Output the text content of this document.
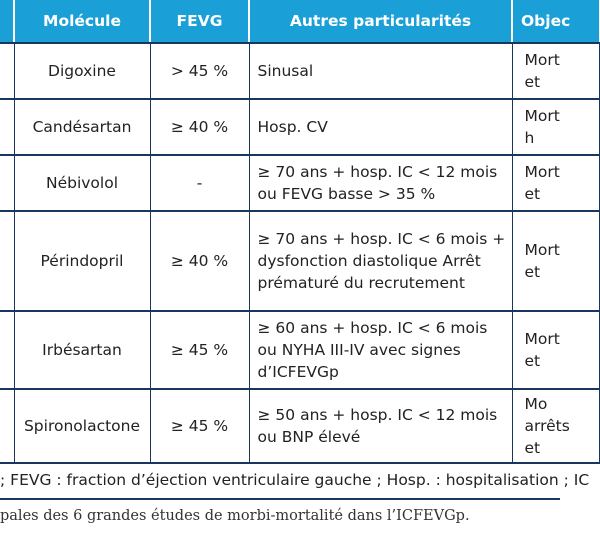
	Molécule	FEVG	Autres particularités	Objec
	Digoxine	> 45 %	Sinusal	Mort
et

	Candésartan	≥ 40 %	Hosp. CV	Mort
h

	Nébivolol	-	≥ 70 ans + hosp. IC < 12 mois ou FEVG basse > 35 %	Mort
et

	Périndopril	≥ 40 %	≥ 70 ans + hosp. IC < 6 mois + dysfonction diastolique Arrêt prématuré du recrutement	Mort
et

	Irbésartan	≥ 45 %	≥ 60 ans + hosp. IC < 6 mois ou NYHA III-IV avec signes d’ICFEVGp	Mort
et

	Spironolactone	≥ 45 %	≥ 50 ans + hosp. IC < 12 mois ou BNP élevé	Mo
arrêts
et
; FEVG : fraction d’éjection ventriculaire gauche ; Hosp. : hospitalisation ; IC
pales des 6 grandes études de morbi-mortalité dans l’ICFEVGp.
